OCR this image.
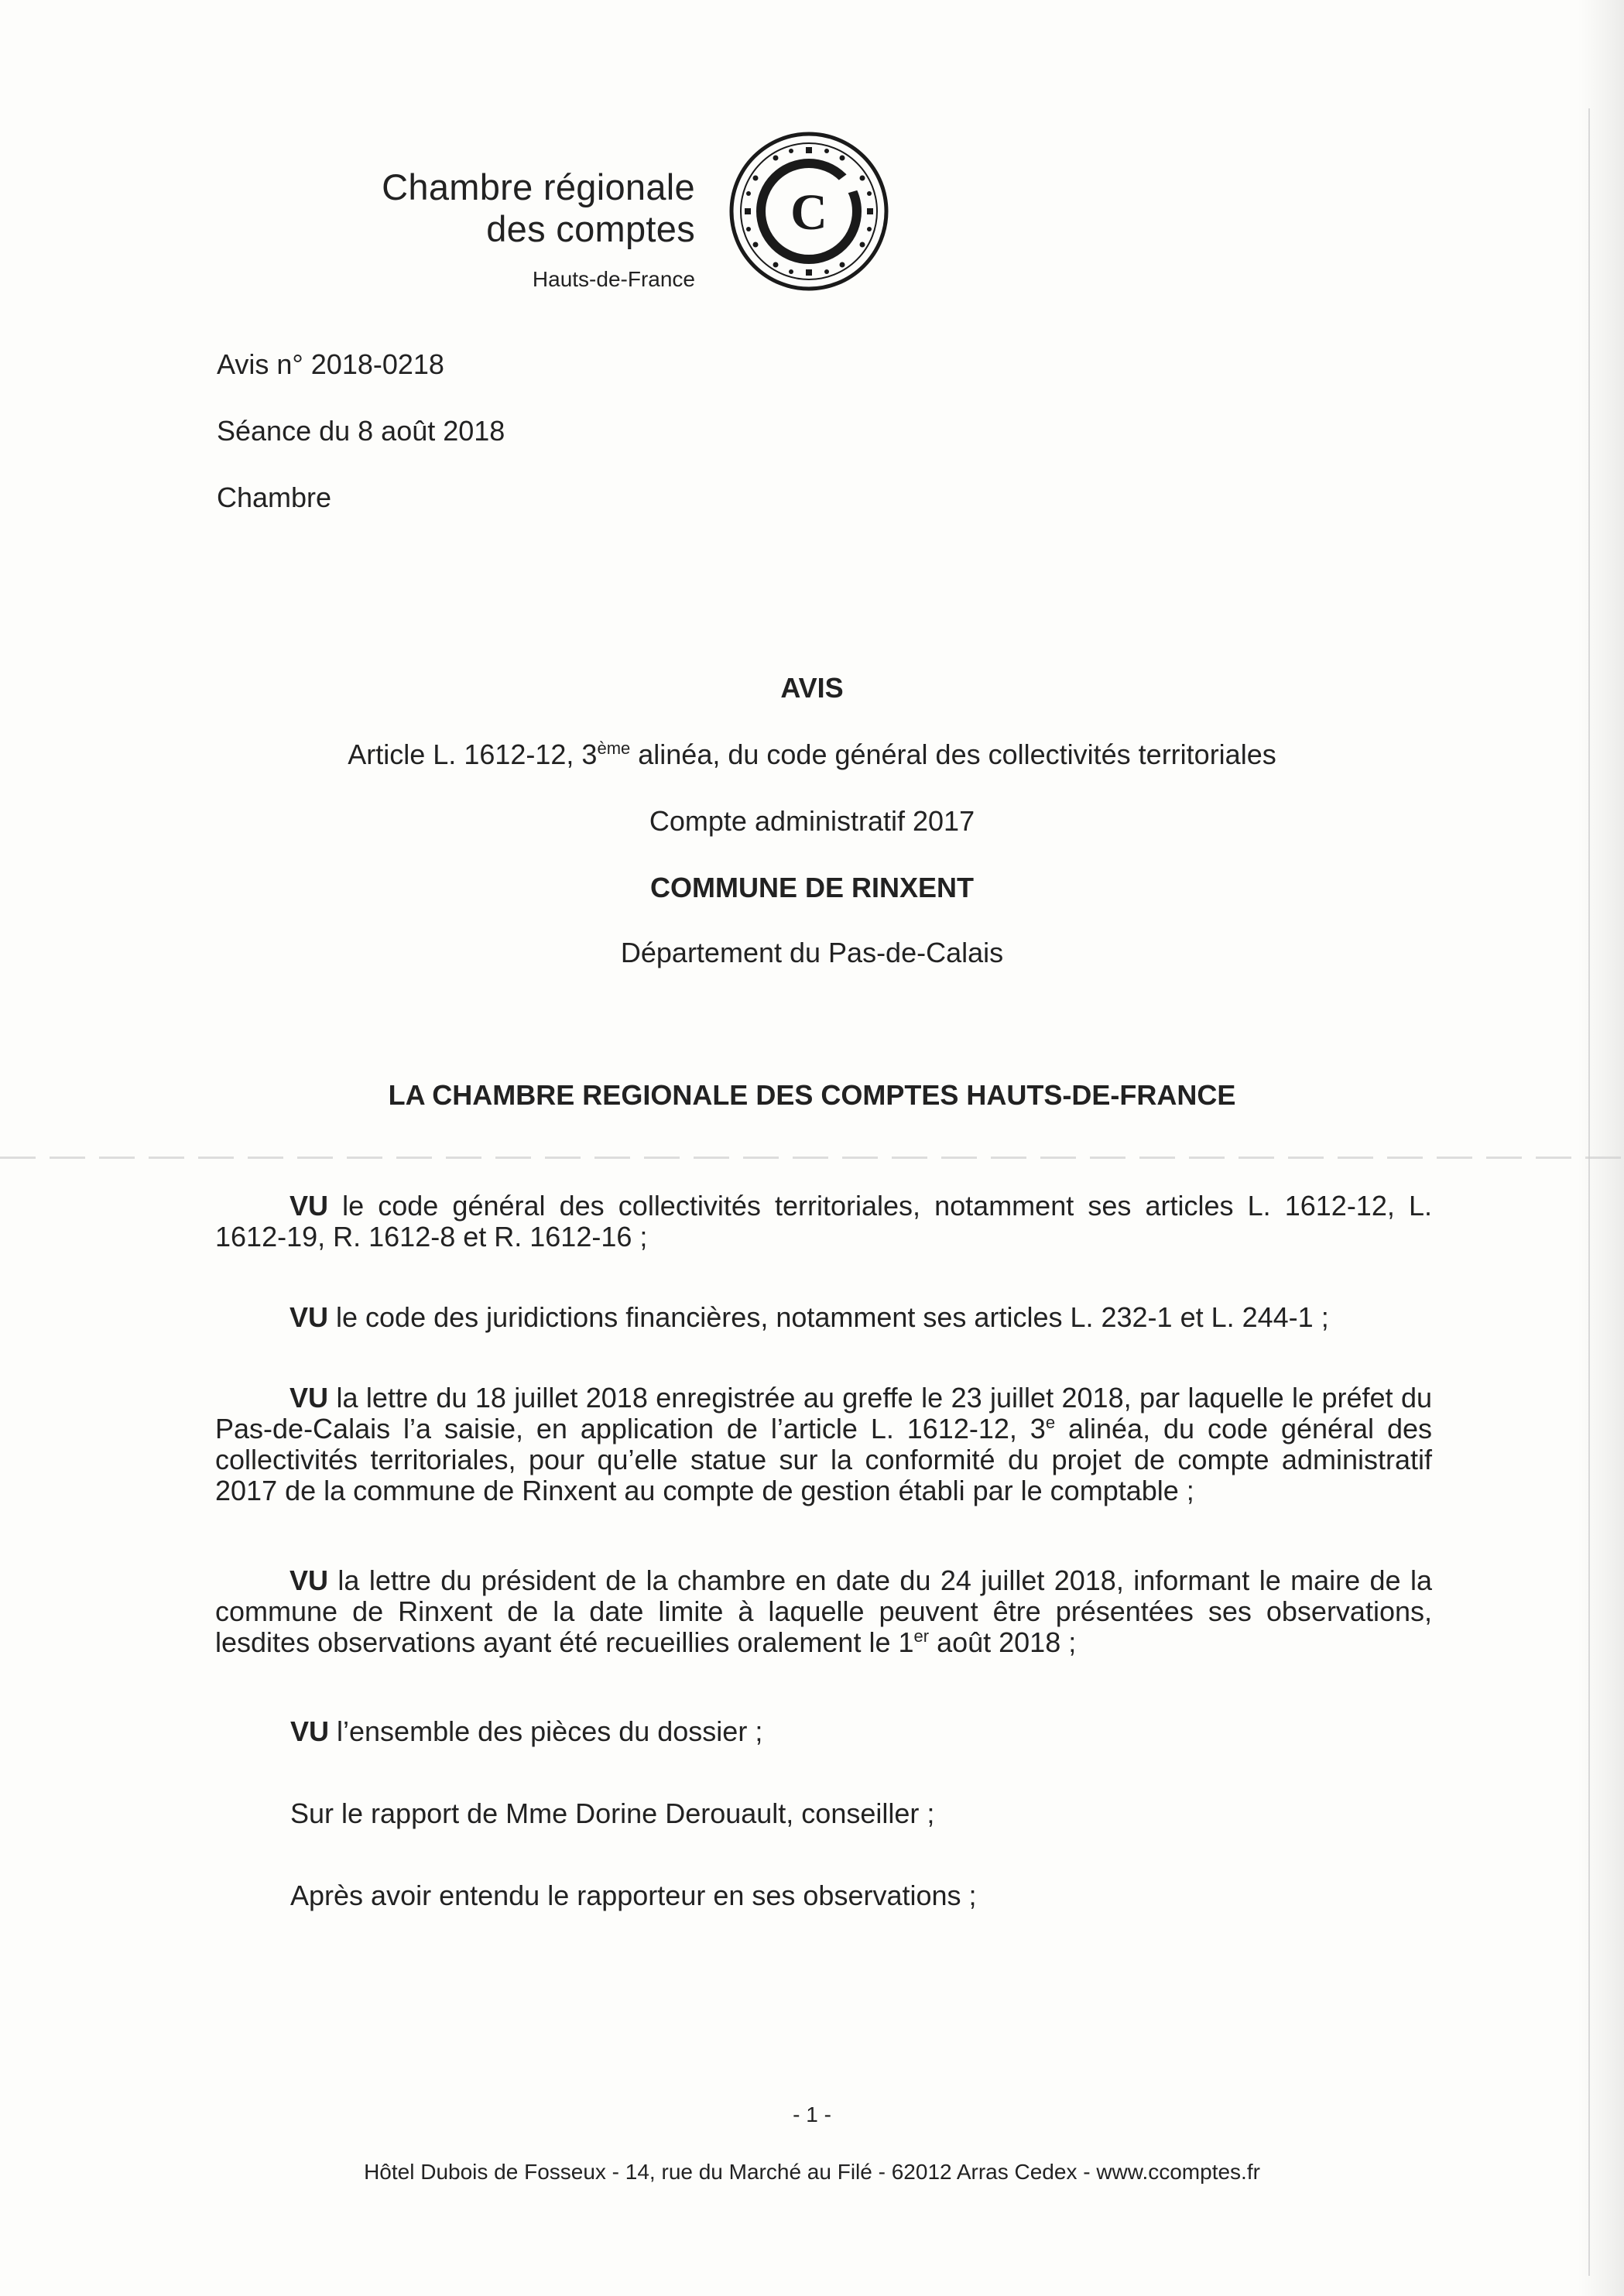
Chambre régionale
des comptes
Hauts-de-France
C
Avis n° 2018-0218
Séance du 8 août 2018
Chambre
AVIS
Article L. 1612-12, 3ème alinéa, du code général des collectivités territoriales
Compte administratif 2017
COMMUNE DE RINXENT
Département du Pas-de-Calais
LA CHAMBRE REGIONALE DES COMPTES HAUTS-DE-FRANCE
VU le code général des collectivités territoriales, notamment ses articles L. 1612-12, L. 1612-19, R. 1612-8 et R. 1612-16 ;
VU le code des juridictions financières, notamment ses articles L. 232-1 et L. 244-1 ;
VU la lettre du 18 juillet 2018 enregistrée au greffe le 23 juillet 2018, par laquelle le préfet du Pas-de-Calais l’a saisie, en application de l’article L. 1612-12, 3e alinéa, du code général des collectivités territoriales, pour qu’elle statue sur la conformité du projet de compte administratif 2017 de la commune de Rinxent au compte de gestion établi par le comptable ;
VU la lettre du président de la chambre en date du 24 juillet 2018, informant le maire de la commune de Rinxent de la date limite à laquelle peuvent être présentées ses observations, lesdites observations ayant été recueillies oralement le 1er août 2018 ;
VU l’ensemble des pièces du dossier ;
Sur le rapport de Mme Dorine Derouault, conseiller ;
Après avoir entendu le rapporteur en ses observations ;
- 1 -
Hôtel Dubois de Fosseux - 14, rue du Marché au Filé - 62012 Arras Cedex - www.ccomptes.fr
